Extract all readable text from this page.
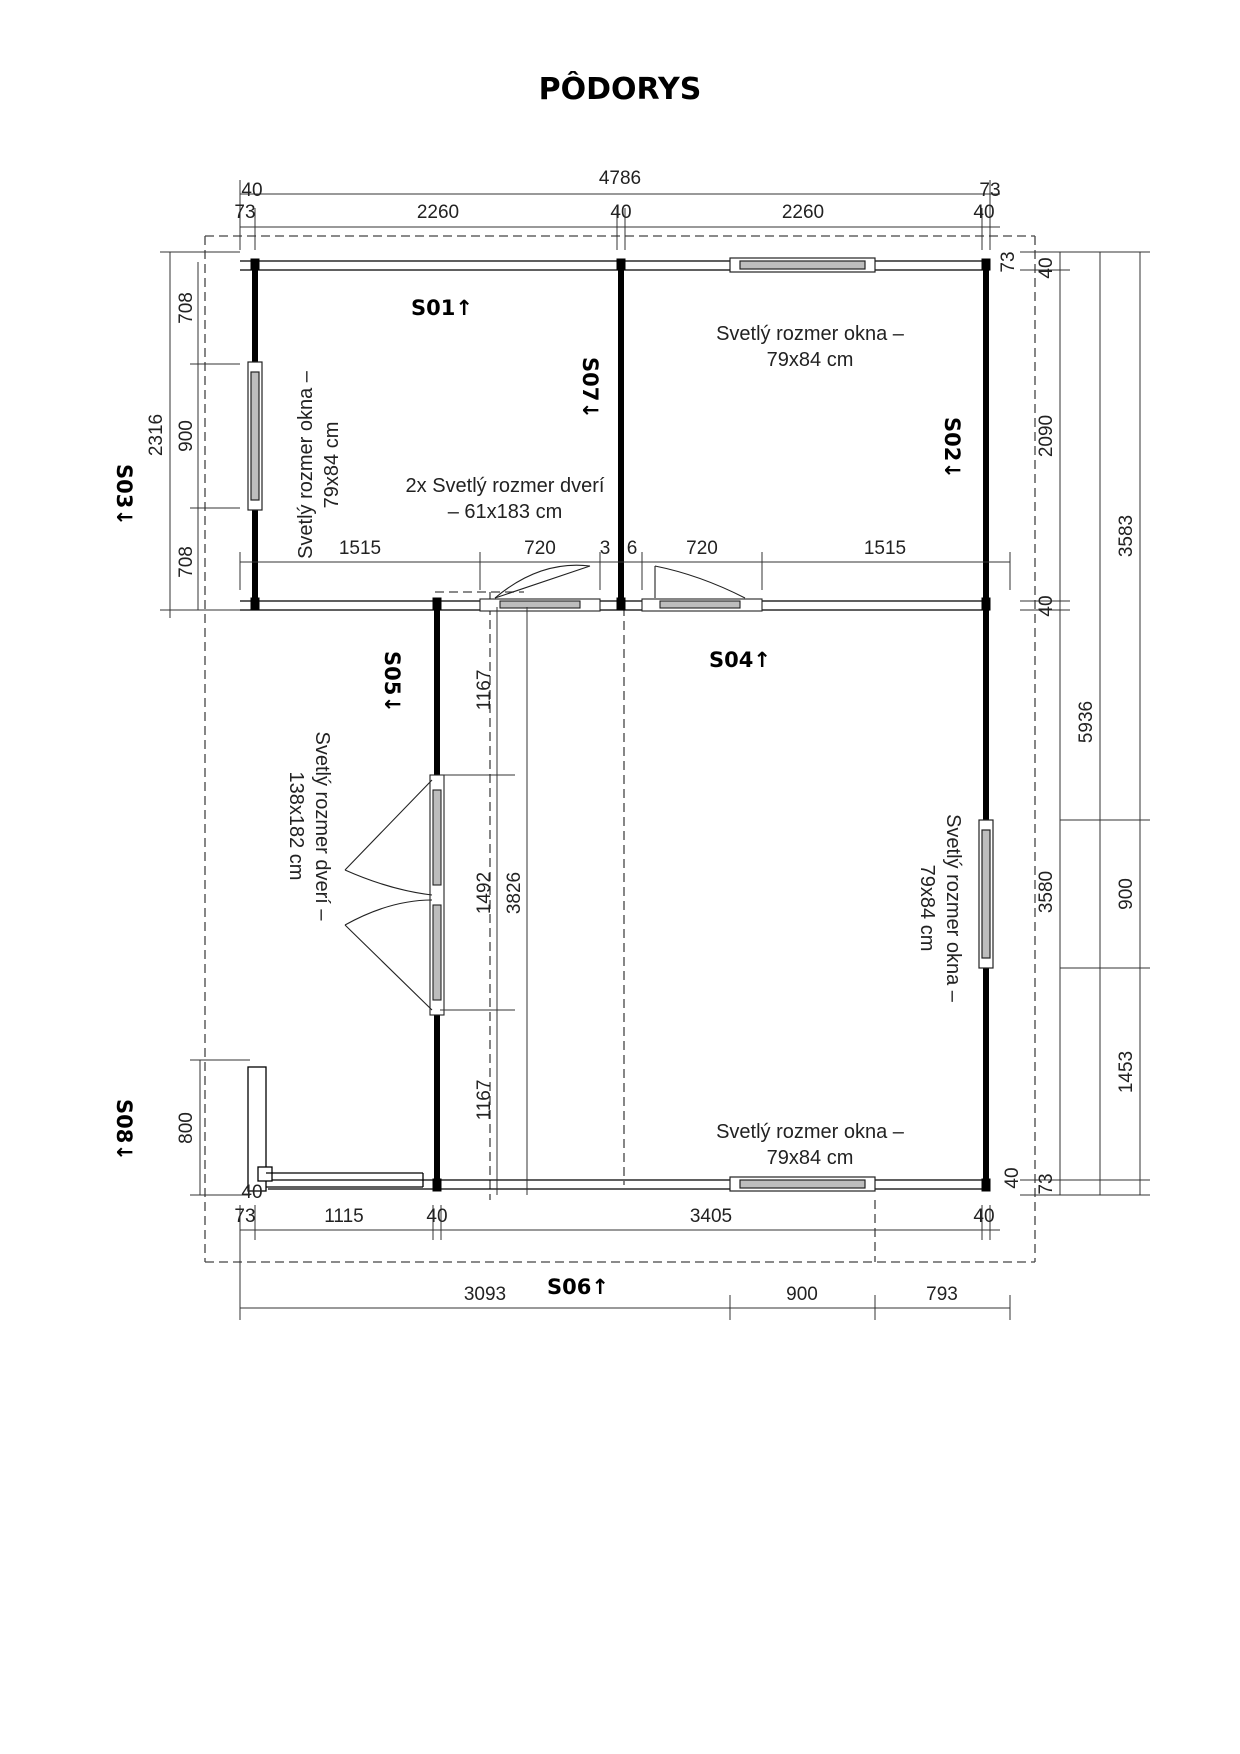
PÔDORYS
4786
40	73
73	2260	40	2260	40
1515	720 3 6	720	1515
2316
708
900
708
73 40
2090
40
3583
5936
3580	900
1453
40 73
1167
1492 3826
1167
800
40
73	1115	40	3405	40
3093	900	793
Svetlý rozmer okna –
79x84 cm
Svetlý rozmer okna – 79x84 cm	2x Svetlý rozmer dverí
– 61x183 cm
Svetlý rozmer dverí –
138x182 cm	Svetlý rozmer okna –
79x84 cm
Svetlý rozmer okna –
79x84 cm
S01↑
S04↑
S06↑
S07↓
S02↓
S03↓
S05↓
S08↓
